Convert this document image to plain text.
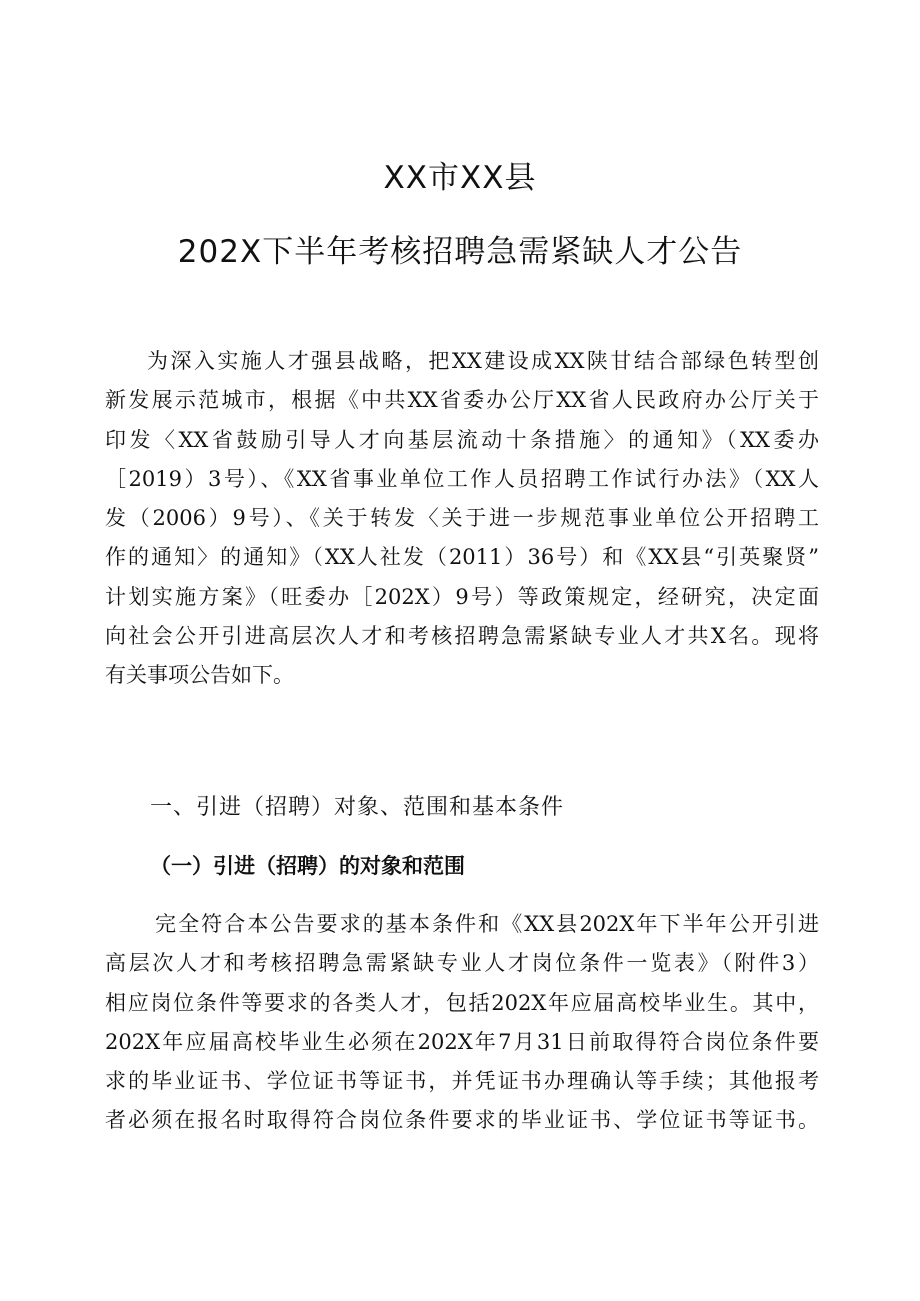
XX市XX县
202X下半年考核招聘急需紧缺人才公告
为深入实施人才强县战略，把XX建设成XX陕甘结合部绿色转型创
新发展示范城市，根据《中共XX省委办公厅XX省人民政府办公厅关于
印发〈XX省鼓励引导人才向基层流动十条措施〉的通知》（XX委办
［2019）3号）、《XX省事业单位工作人员招聘工作试行办法》（XX人
发（2006）9号）、《关于转发〈关于进一步规范事业单位公开招聘工
作的通知〉的通知》（XX人社发（2011）36号）和《XX县“引英聚贤”
计划实施方案》（旺委办［202X）9号）等政策规定，经研究，决定面
向社会公开引进高层次人才和考核招聘急需紧缺专业人才共X名。现将
有关事项公告如下。
一、引进（招聘）对象、范围和基本条件
（一）引进（招聘）的对象和范围
完全符合本公告要求的基本条件和《XX县202X年下半年公开引进
高层次人才和考核招聘急需紧缺专业人才岗位条件一览表》（附件3）
相应岗位条件等要求的各类人才，包括202X年应届高校毕业生。其中，
202X年应届高校毕业生必须在202X年7月31日前取得符合岗位条件要
求的毕业证书、学位证书等证书，并凭证书办理确认等手续；其他报考
者必须在报名时取得符合岗位条件要求的毕业证书、学位证书等证书。
